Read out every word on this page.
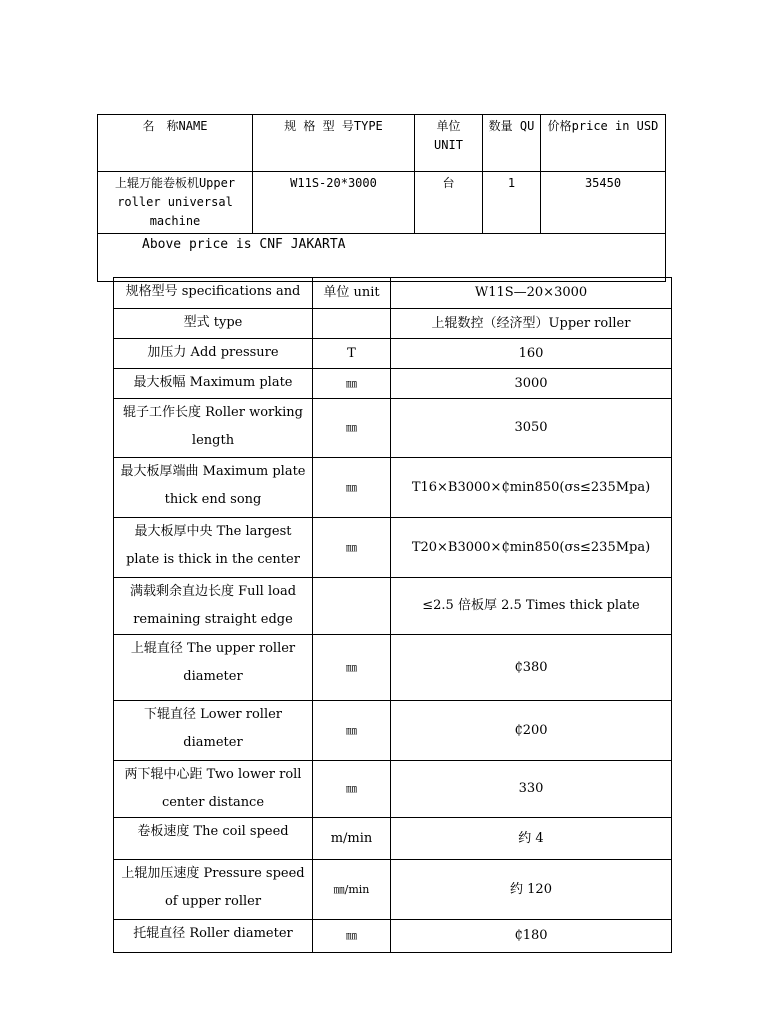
名　称NAME	规 格 型 号TYPE	单位 UNIT	数量 QU	价格price in USD
上辊万能卷板机Upper roller universal machine	W11S-20*3000	台	1	35450
Above price is CNF JAKARTA				
规格型号 specifications and	单位 unit	W11S—20×3000
型式 type		上辊数控（经济型）Upper roller
加压力 Add pressure	T	160
最大板幅 Maximum plate	㎜	3000
辊子工作长度 Roller working length	㎜	3050
最大板厚端曲 Maximum plate thick end song	㎜	T16×B3000×₵min850(σs≤235Mpa)
最大板厚中央 The largest plate is thick in the center	㎜	T20×B3000×₵min850(σs≤235Mpa)
满载剩余直边长度 Full load remaining straight edge		≤2.5 倍板厚 2.5 Times thick plate
上辊直径 The upper roller diameter	㎜	₵380
下辊直径 Lower roller diameter	㎜	₵200
两下辊中心距 Two lower roll center distance	㎜	330
卷板速度 The coil speed	m/min	约 4
上辊加压速度 Pressure speed of upper roller	㎜/min	约 120
托辊直径 Roller diameter	㎜	₵180
